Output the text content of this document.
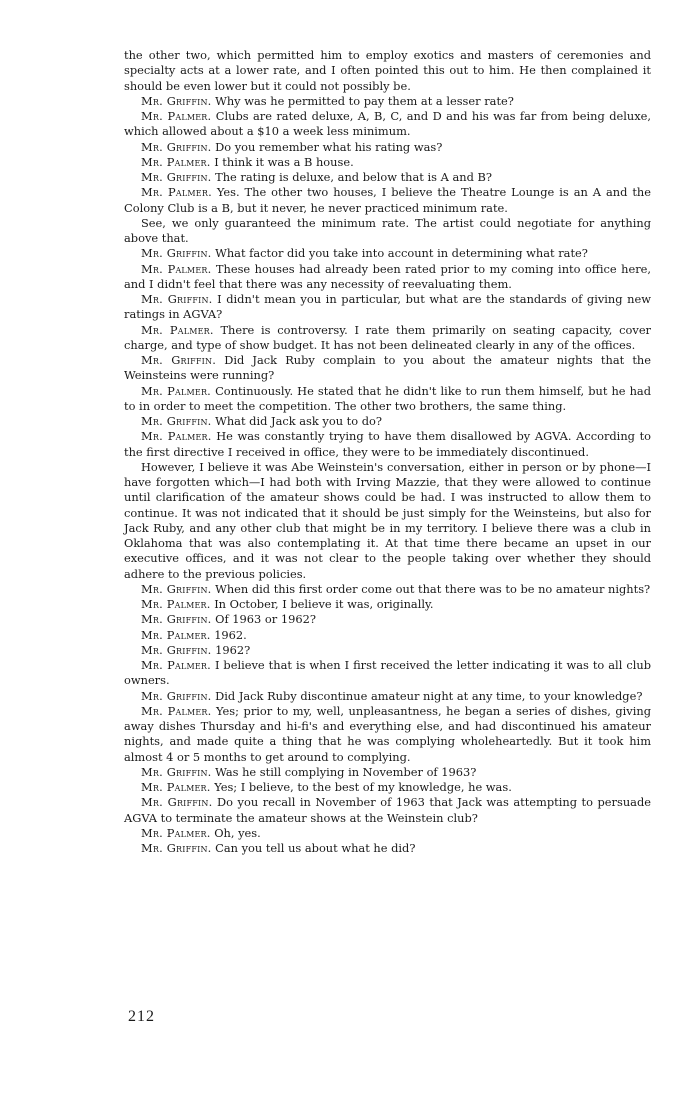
the other two, which permitted him to employ exotics and masters of ceremonies and specialty acts at a lower rate, and I often pointed this out to him. He then complained it should be even lower but it could not possibly be.

Mr. Griffin. Why was he permitted to pay them at a lesser rate?

Mr. Palmer. Clubs are rated deluxe, A, B, C, and D and his was far from being deluxe, which allowed about a $10 a week less minimum.

Mr. Griffin. Do you remember what his rating was?

Mr. Palmer. I think it was a B house.

Mr. Griffin. The rating is deluxe, and below that is A and B?

Mr. Palmer. Yes. The other two houses, I believe the Theatre Lounge is an A and the Colony Club is a B, but it never, he never practiced minimum rate.

See, we only guaranteed the minimum rate. The artist could negotiate for anything above that.

Mr. Griffin. What factor did you take into account in determining what rate?

Mr. Palmer. These houses had already been rated prior to my coming into office here, and I didn't feel that there was any necessity of reevaluating them.

Mr. Griffin. I didn't mean you in particular, but what are the standards of giving new ratings in AGVA?

Mr. Palmer. There is controversy. I rate them primarily on seating capacity, cover charge, and type of show budget. It has not been delineated clearly in any of the offices.

Mr. Griffin. Did Jack Ruby complain to you about the amateur nights that the Weinsteins were running?

Mr. Palmer. Continuously. He stated that he didn't like to run them himself, but he had to in order to meet the competition. The other two brothers, the same thing.

Mr. Griffin. What did Jack ask you to do?

Mr. Palmer. He was constantly trying to have them disallowed by AGVA. According to the first directive I received in office, they were to be immediately discontinued.

However, I believe it was Abe Weinstein's conversation, either in person or by phone—I have forgotten which—I had both with Irving Mazzie, that they were allowed to continue until clarification of the amateur shows could be had. I was instructed to allow them to continue. It was not indicated that it should be just simply for the Weinsteins, but also for Jack Ruby, and any other club that might be in my territory. I believe there was a club in Oklahoma that was also contemplating it. At that time there became an upset in our executive offices, and it was not clear to the people taking over whether they should adhere to the previous policies.

Mr. Griffin. When did this first order come out that there was to be no amateur nights?

Mr. Palmer. In October, I believe it was, originally.

Mr. Griffin. Of 1963 or 1962?

Mr. Palmer. 1962.

Mr. Griffin. 1962?

Mr. Palmer. I believe that is when I first received the letter indicating it was to all club owners.

Mr. Griffin. Did Jack Ruby discontinue amateur night at any time, to your knowledge?

Mr. Palmer. Yes; prior to my, well, unpleasantness, he began a series of dishes, giving away dishes Thursday and hi-fi's and everything else, and had discontinued his amateur nights, and made quite a thing that he was complying wholeheartedly. But it took him almost 4 or 5 months to get around to complying.

Mr. Griffin. Was he still complying in November of 1963?

Mr. Palmer. Yes; I believe, to the best of my knowledge, he was.

Mr. Griffin. Do you recall in November of 1963 that Jack was attempting to persuade AGVA to terminate the amateur shows at the Weinstein club?

Mr. Palmer. Oh, yes.

Mr. Griffin. Can you tell us about what he did?

212
